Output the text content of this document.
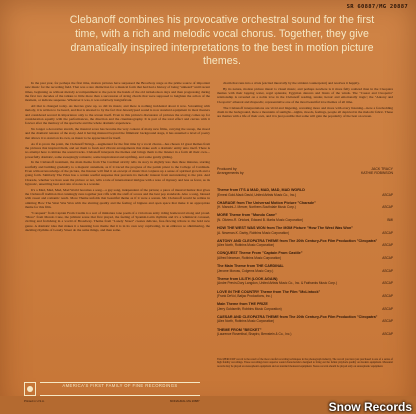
SR 60887/MG 20887
Clebanoff combines his provocative orchestral sound for the first time, with a rich and melodic vocal chorus. Together, they give dramatically inspired interpretations to the best in motion picture themes.

In the past year, for perhaps the first time, motion pictures have surpassed the Broadway stage as the prime source of important new music for the recording field. That was a rare distinction for a musical form that had had a history of being "unheard" until recent times, beginning as without melody accompaniment to the pen in the hands of the old nickelodeon days and then progressing during the first two decades of the talkies to little more than a succession of string chords that were supposed to heighten the action of the moment, or indicate suspense. Whatever it was, it was relatively insignificant.

All that is changed today. As movies grew up, so did its music, and there is nothing incidental about it now. Screaming with melody, it is written to be heard, and that is attested to by the fact that Jetsonlypsed sound is now standard equipment in most theaters and considered second in importance only to the screen itself. Even in this picture's discussion of pictures the scoring comes up for consideration equally with the performances, the direction and the cinematography. It is part of the total effect and carries with it forever after the memory of the spectacle and the whole dramatic experience.

No longer a decorative stretch, the musical score has become the very content of many new films, carrying the sweep, the mood and the dramatic tension of the story. And it having matured beyond the filmmatic background stage, it has assumed a level of poetry that allows it to stand on its own, as music to be appreciated for itself.

As if to prove the point, the Clebanoff Strings—augmented for the first time by a vocal chorus—has chosen 12 great themes from the pictures that inspired them, and set them to fresh and vibrant arrangements that make each a dramatic entity unto itself. There is no attempt here to imitate the sound tracks. Clebanoff interprets the themes and brings them to the listener in a form all their own—powerfully dramatic, some sweepingly romantic, some inspirational and uplifting, and some gently gliding.

In the Clebanoff treatment, the main theme from The Cardinal strictly tells its story in slightly less than three minutes, starting soulfully and building gradually to a majestic statement, as if it traced the progress of the parish priest to the College of Cardinals. Even without knowledge of the picture, the listener will find it an excerpt of music that conjures up a sense of spiritual growth and a going forth. Similarly The Prize has a certain soulful suspense that prevents its melodic interest from surrendering to the plot. And Charade, whether we have seen the picture or not, tells a tale of international intrigue with a note of mystery and less as fever, as its hypnotic, unsettling beat and rain of notes is a wonder.

It's a Mad, Mad, Mad, Mad World becomes a song—a gay song, independent of the picture; a piece of musical humor that gives the Clebanoff tradition that cunningly runs together just riffs with the stuff of scores and the best pop standards. Also a song, blessed with sweet and romantic reach. More Theme unfolds that beautiful theme as if it were a sonata. Mr. Clebanoff would be remiss in omitting How The West Was Won with the slurring quality and the feeling of bigness and open space that make it an appropriate theme for this film.

"Conquest" from Captain From Castile is a sort of miniature tone poem of a victorious army riding homeward strong and proud. "More" from Mondo Cane, the jubilant scene that first played, the feeling of Spanish-Latin rhythms and it's a whimsical carousel, circling and frolicking in a world of Broadway. Theme from "Lonely Street" creates delicate, free-flowing tribute to the bold new genre. A dramatic idea that makes it a haunting love theme that it is in its own way captivating, in an embrace so shimmering, the dazzling rhythms of Lonely Street do the same things, and then some.

charm that runs into a crisis (excited musically by the strident counterpoint) and resolves it happily.

By its nature, motion picture music is visual music, and perhaps nowhere is it more fully realized than in the Cleopatra themes with their lapping water, regal splendor, Egyptian dancers and blasts of the winds. The "Cassar and Cleopatra" relationship is revealed on a noble love in the Clebanoff reading, tender, heroic and emotionally tragic; the "Antony and Cleopatra" ethereal and rhapsodic, representative one of the most beautiful love themes of all time.

The Clebanoff interpretations are vivid and lingering, revealing more and more with every listening—here a forebodding drum in the background, there a mountain of sunlight—nights, moods, feelings, people all depicted in the melodic fabric. These are themes with a life of their own, and it is just possible that some will gain the popularity of the best on screen.

Produced by	JACK TRACY
Arrangements by	KATHIE ROBINSON
Theme from IT'S A MAD, MAD, MAD, MAD WORLD
(Ernest Gold-Mack David, United Artists Music Co., Inc.)	ASCAP
CHARADE from The Universal Motion Picture "Charade"
(H. Mancini-J. Mercer, Northern-Southdale Music Corp.)	ASCAP
MORE Theme from "Mondo Cane"
(N. Oliviero-R. Ortolani, Edward B. Marks Music Corporation)	BMI
HOW THE WEST WAS WON from The MGM Picture "How The West Was Won"
(A. Newman-K. Darby, Robbins Music Corporation)	ASCAP
ANTONY AND CLEOPATRA THEME from The 20th Century-Fox Film Production "Cleopatra"
(Alex North, Robbins Music Corporation)	ASCAP
CONQUEST Theme From "Captain From Castile"
(Alfred Newman, Robbins Music Corporation)	ASCAP
The Main Theme from THE CARDINAL
(Jerome Moross, Colgems Music Corp.)	ASCAP
Theme from LILITH (LOOK AGAIN)
(Andre Previn-Dory Langdon, United Artists Music Co., Inc. & Fairbanks Music Corp.)	ASCAP
LOVE IN THE COUNTRY Theme from The Film "McLintock"
(Frank DeVol, Batjac Productions, Inc.)	ASCAP
Main Theme from THE PRIZE
(Jerry Goldsmith, Robbins Music Corporation)	ASCAP
CAESAR AND CLEOPATRA THEME from The 20th Century-Fox Film Production "Cleopatra"
(Alex North, Robbins Music Corporation)	ASCAP
THEME FROM "BECKET"
(Laurence Rosenthal, Shapiro, Bernstein & Co., Inc.)	ASCAP
This MERCURY record is the result of the most careful recording techniques in the phonograph industry. The record you have just purchased is one of a series of high fidelity recordings. These recordings have superior sound characteristics designed to bring out the fullest playback quality on modern equipment. Monaural records may be played on stereophonic equipment and on standard monaural equipment. Stereo records should be played only on stereophonic equipment.
AMERICA'S FIRST FAMILY OF FINE RECORDINGS
Printed in U.S.A.	MONAURAL MG 20887	Snow Records
